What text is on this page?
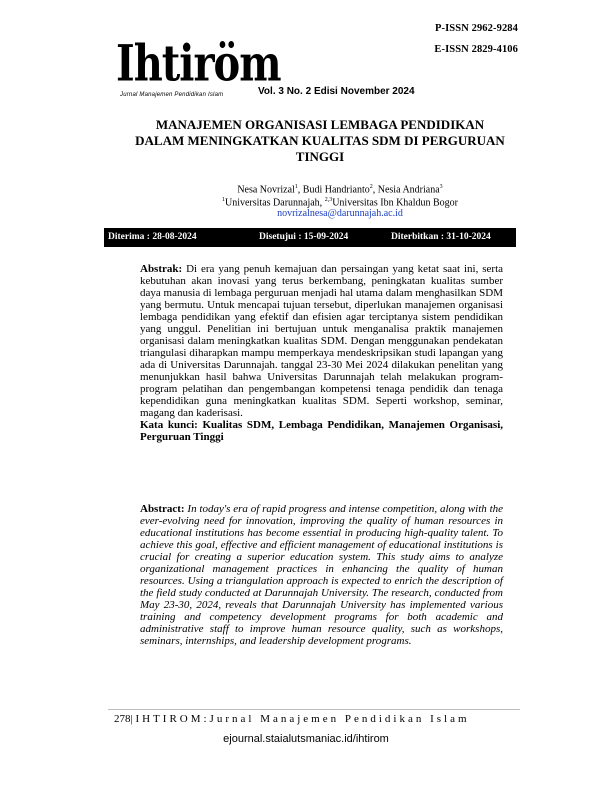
P-ISSN 2962-9284
E-ISSN 2829-4106
Ihtiröm
Jurnal Manajemen Pendidikan Islam	Vol. 3 No. 2 Edisi November 2024
MANAJEMEN ORGANISASI LEMBAGA PENDIDIKAN
DALAM MENINGKATKAN KUALITAS SDM DI PERGURUAN
TINGGI
Nesa Novrizal$^1$, Budi Handrianto$^2$, Nesia Andriana$^3$
$^1$Universitas Darunnajah, $^{2,3}$Universitas Ibn Khaldun Bogor
novrizalnesa@darunnajah.ac.id
Diterima : 28-08-2024	Disetujui : 15-09-2024	Diterbitkan : 31-10-2024
Abstrak: Di era yang penuh kemajuan dan persaingan yang ketat saat ini, serta kebutuhan akan inovasi yang terus berkembang, peningkatan kualitas sumber daya manusia di lembaga perguruan menjadi hal utama dalam menghasilkan SDM yang bermutu. Untuk mencapai tujuan tersebut, diperlukan manajemen organisasi lembaga pendidikan yang efektif dan efisien agar terciptanya sistem pendidikan yang unggul. Penelitian ini bertujuan untuk menganalisa praktik manajemen organisasi dalam meningkatkan kualitas SDM. Dengan menggunakan pendekatan triangulasi diharapkan mampu memperkaya mendeskripsikan studi lapangan yang ada di Universitas Darunnajah. tanggal 23-30 Mei 2024 dilakukan penelitan yang menunjukkan hasil bahwa Universitas Darunnajah telah melakukan program-program pelatihan dan pengembangan kompetensi tenaga pendidik dan tenaga kependidikan guna meningkatkan kualitas SDM. Seperti workshop, seminar, magang dan kaderisasi.
Kata kunci: Kualitas SDM, Lembaga Pendidikan, Manajemen Organisasi, Perguruan Tinggi
Abstract: In today's era of rapid progress and intense competition, along with the ever-evolving need for innovation, improving the quality of human resources in educational institutions has become essential in producing high-quality talent. To achieve this goal, effective and efficient management of educational institutions is crucial for creating a superior education system. This study aims to analyze organizational management practices in enhancing the quality of human resources. Using a triangulation approach is expected to enrich the description of the field study conducted at Darunnajah University. The research, conducted from May 23-30, 2024, reveals that Darunnajah University has implemented various training and competency development programs for both academic and administrative staff to improve human resource quality, such as workshops, seminars, internships, and leadership development programs.
278| IHTIROM:Jurnal Manajemen Pendidikan Islam
ejournal.staialutsmaniac.id/ihtirom
